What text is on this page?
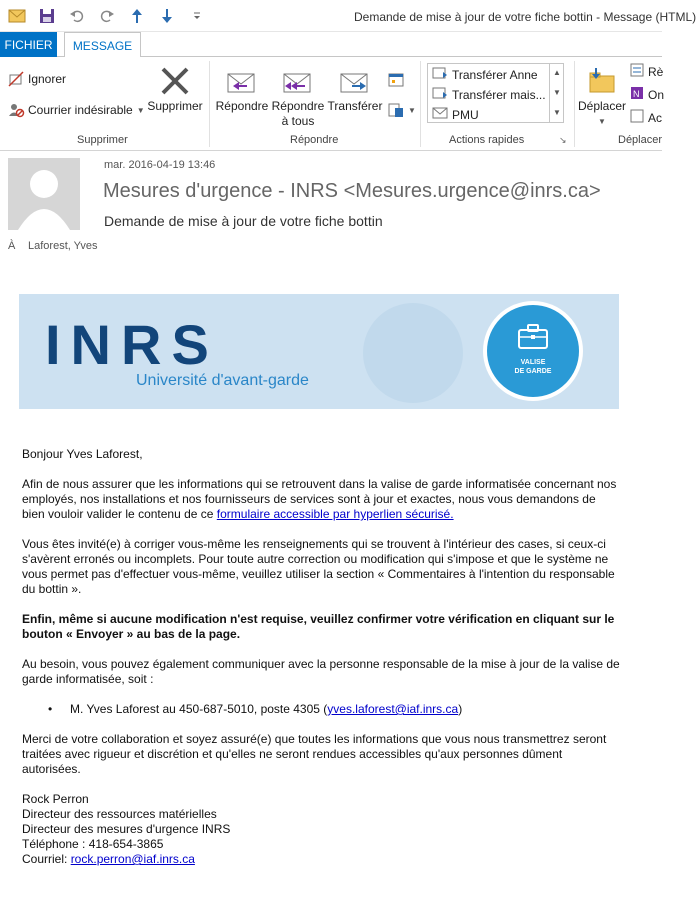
Demande de mise à jour de votre fiche bottin - Message (HTML)
FICHIER	MESSAGE
Ignorer
Courrier indésirable ▼ Supprimer
Supprimer
Répondre Répondre
à tous
Transférer	▼
Répondre
Transférer Anne
Transférer mais...
PMU
▲
▼
▼
Actions rapides	↘
Déplacer
▼
Rè
N On
Ac
Déplacer
mar. 2016-04-19 13:46
Mesures d'urgence - INRS <Mesures.urgence@inrs.ca>
Demande de mise à jour de votre fiche bottin
À Laforest, Yves
INRS
Université d'avant-garde
VALISE
DE GARDE

Bonjour Yves Laforest,

Afin de nous assurer que les informations qui se retrouvent dans la valise de garde informatisée concernant nos employés, nos installations et nos fournisseurs de services sont à jour et exactes, nous vous demandons de bien vouloir valider le contenu de ce formulaire accessible par hyperlien sécurisé.

Vous êtes invité(e) à corriger vous-même les renseignements qui se trouvent à l'intérieur des cases, si ceux-ci s'avèrent erronés ou incomplets. Pour toute autre correction ou modification qui s'impose et que le système ne vous permet pas d'effectuer vous-même, veuillez utiliser la section « Commentaires à l'intention du responsable du bottin ».

Enfin, même si aucune modification n'est requise, veuillez confirmer votre vérification en cliquant sur le bouton « Envoyer » au bas de la page.

Au besoin, vous pouvez également communiquer avec la personne responsable de la mise à jour de la valise de garde informatisée, soit :

• M. Yves Laforest au 450-687-5010, poste 4305 (yves.laforest@iaf.inrs.ca)

Merci de votre collaboration et soyez assuré(e) que toutes les informations que vous nous transmettrez seront traitées avec rigueur et discrétion et qu'elles ne seront rendues accessibles qu'aux personnes dûment autorisées.

Rock Perron
Directeur des ressources matérielles
Directeur des mesures d'urgence INRS
Téléphone : 418-654-3865
Courriel: rock.perron@iaf.inrs.ca
